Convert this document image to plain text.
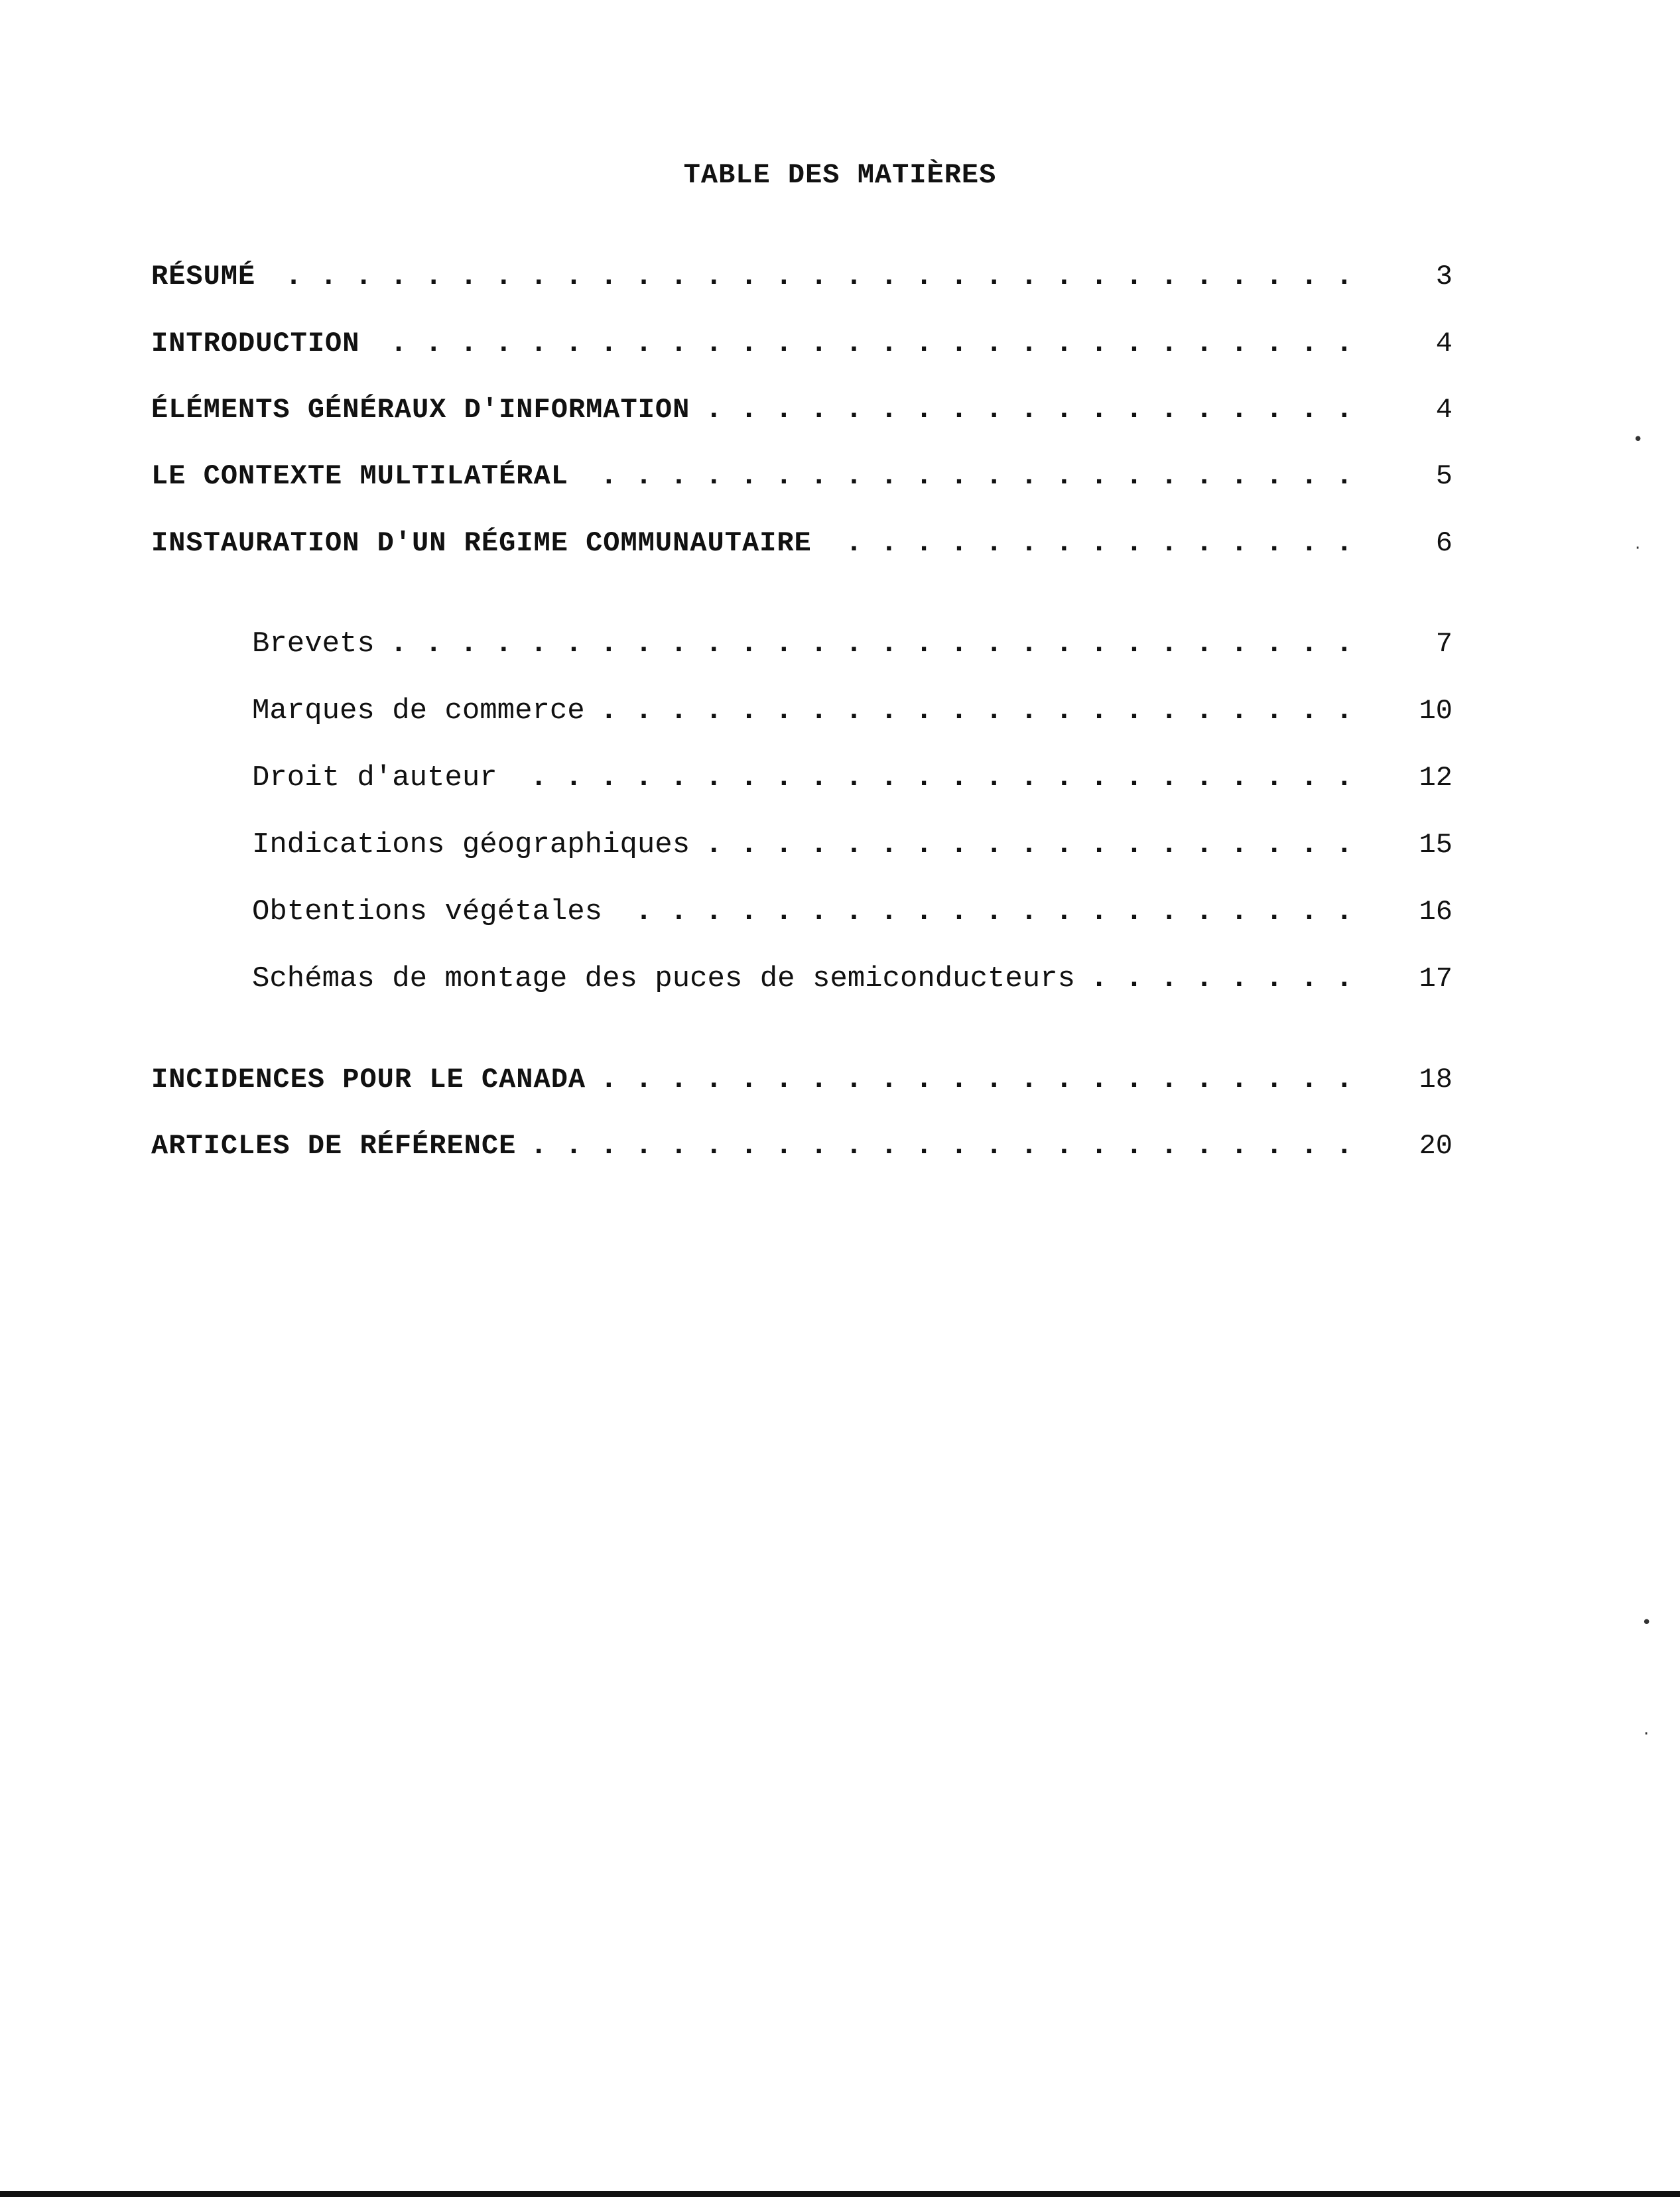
TABLE DES MATIÈRES
RÉSUMÉ . . .	3
INTRODUCTION . . .	4
ÉLÉMENTS GÉNÉRAUX D'INFORMATION . . .	4
LE CONTEXTE MULTILATÉRAL . . .	5
INSTAURATION D'UN RÉGIME COMMUNAUTAIRE . . .	6
Brevets . . .	7
Marques de commerce . . .	10
Droit d'auteur . . .	12
Indications géographiques . . .	15
Obtentions végétales . . .	16
Schémas de montage des puces de semiconducteurs . . .	17
INCIDENCES POUR LE CANADA . . .	18
ARTICLES DE RÉFÉRENCE . . .	20
•
·
•
·
